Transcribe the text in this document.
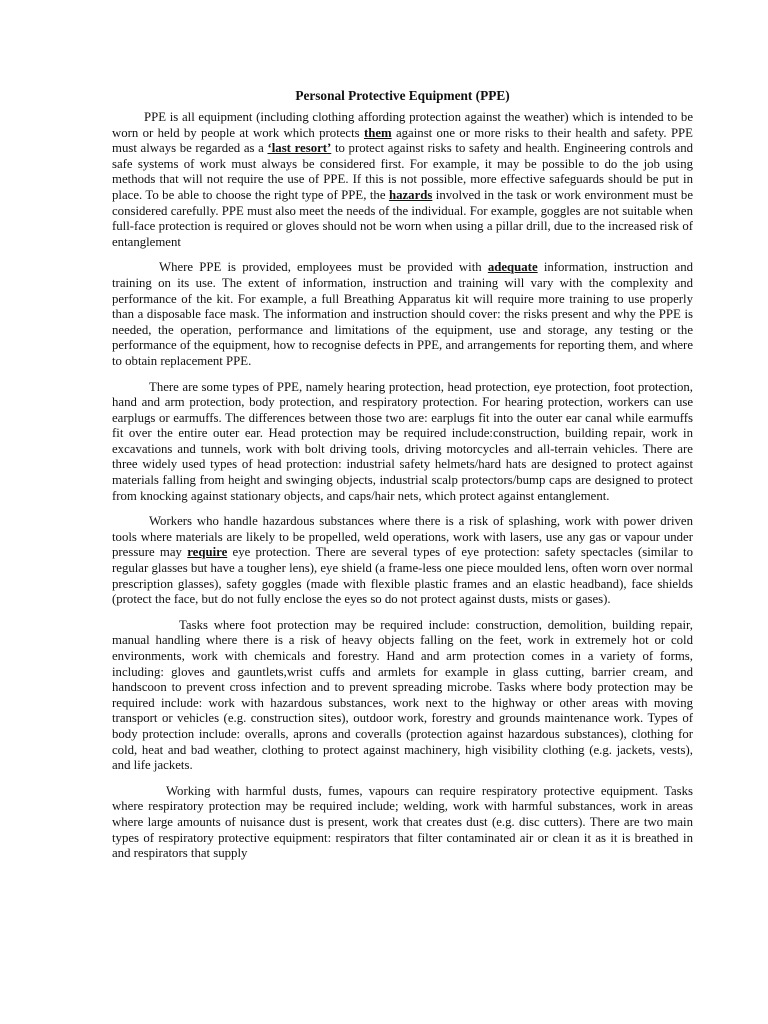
Personal Protective Equipment (PPE)

PPE is all equipment (including clothing affording protection against the weather) which is intended to be worn or held by people at work which protects them against one or more risks to their health and safety. PPE must always be regarded as a ‘last resort’ to protect against risks to safety and health. Engineering controls and safe systems of work must always be considered first. For example, it may be possible to do the job using methods that will not require the use of PPE. If this is not possible, more effective safeguards should be put in place. To be able to choose the right type of PPE, the hazards involved in the task or work environment must be considered carefully. PPE must also meet the needs of the individual. For example, goggles are not suitable when full-face protection is required or gloves should not be worn when using a pillar drill, due to the increased risk of entanglement

Where PPE is provided, employees must be provided with adequate information, instruction and training on its use. The extent of information, instruction and training will vary with the complexity and performance of the kit. For example, a full Breathing Apparatus kit will require more training to use properly than a disposable face mask. The information and instruction should cover: the risks present and why the PPE is needed, the operation, performance and limitations of the equipment, use and storage, any testing or the performance of the equipment, how to recognise defects in PPE, and arrangements for reporting them, and where to obtain replacement PPE.

There are some types of PPE, namely hearing protection, head protection, eye protection, foot protection, hand and arm protection, body protection, and respiratory protection. For hearing protection, workers can use earplugs or earmuffs. The differences between those two are: earplugs fit into the outer ear canal while earmuffs fit over the entire outer ear. Head protection may be required include:construction, building repair, work in excavations and tunnels, work with bolt driving tools, driving motorcycles and all-terrain vehicles. There are three widely used types of head protection: industrial safety helmets/hard hats are designed to protect against materials falling from height and swinging objects, industrial scalp protectors/bump caps are designed to protect from knocking against stationary objects, and caps/hair nets, which protect against entanglement.

Workers who handle hazardous substances where there is a risk of splashing, work with power driven tools where materials are likely to be propelled, weld operations, work with lasers, use any gas or vapour under pressure may require eye protection. There are several types of eye protection: safety spectacles (similar to regular glasses but have a tougher lens), eye shield (a frame-less one piece moulded lens, often worn over normal prescription glasses), safety goggles (made with flexible plastic frames and an elastic headband), face shields (protect the face, but do not fully enclose the eyes so do not protect against dusts, mists or gases).

Tasks where foot protection may be required include: construction, demolition, building repair, manual handling where there is a risk of heavy objects falling on the feet, work in extremely hot or cold environments, work with chemicals and forestry. Hand and arm protection comes in a variety of forms, including: gloves and gauntlets,wrist cuffs and armlets for example in glass cutting, barrier cream, and handscoon to prevent cross infection and to prevent spreading microbe. Tasks where body protection may be required include: work with hazardous substances, work next to the highway or other areas with moving transport or vehicles (e.g. construction sites), outdoor work, forestry and grounds maintenance work. Types of body protection include: overalls, aprons and coveralls (protection against hazardous substances), clothing for cold, heat and bad weather, clothing to protect against machinery, high visibility clothing (e.g. jackets, vests), and life jackets.

Working with harmful dusts, fumes, vapours can require respiratory protective equipment. Tasks where respiratory protection may be required include; welding, work with harmful substances, work in areas where large amounts of nuisance dust is present, work that creates dust (e.g. disc cutters). There are two main types of respiratory protective equipment: respirators that filter contaminated air or clean it as it is breathed in and respirators that supply
